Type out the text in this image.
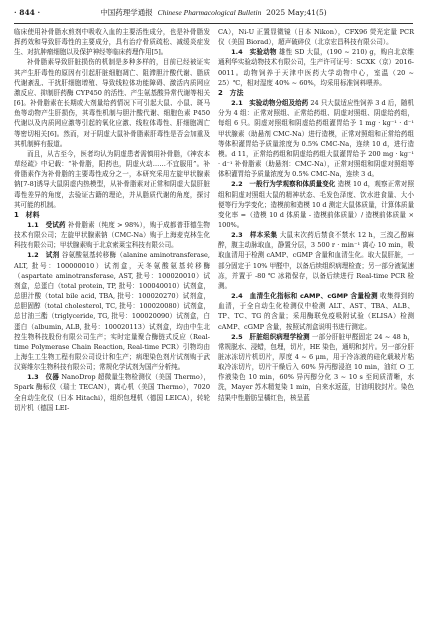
· 844 ·	中国药理学通报 Chinese Pharmacological Bulletin 2025 May;41(5)

临床使用补骨脂水煎剂中吸收入血的主要活性成分，也是补骨脂发挥药效和导致肝毒性的主要成分，具有治疗骨质疏松、减缓炎症发生、对抗肿瘤细胞以及保护神经等临床药理作用[5]。

补骨脂素导致肝脏损伤的机制是多种多样的，目前已经被证实其产生肝毒性的原因有引起肝脏细胞凋亡、阻滞胆汁酸代谢、脂质代谢紊乱、干扰肝细胞增殖、导致线粒体功能障碍、激活内质网应激反应、抑制肝药酶 CYP450 的活性、产生氨基酸异常代谢等相关[6]。补骨脂素在长期或大剂量给药情况下可引起大鼠、小鼠、斑马鱼等动物产生肝损伤，其毒性机制与胆汁酸代谢、细胞色素 P450 代谢以及内质网应激等引起的氧化应激、线粒体毒性、肝细胞凋亡等密切相关[6]。然而，对于阴虚大鼠补骨脂素肝毒性是否会加重及其机制鲜有报道。

而且，从古至今，医者均认为阴虚患者需慎用补骨脂，《神农本草经疏》中记载：“补骨脂，阳药也，阴虚火动……不宜服用”。补骨脂素作为补骨脂的主要毒性成分之一，本研究采用左旋甲状腺素钠[7-8]诱导大鼠阴虚内热模型，从补骨脂素对正常和阴虚大鼠肝脏毒性差异的角度，去验证古籍的理论，并从脂质代谢的角度，探讨其可能的机制。

1　材料

1.1　受试药 补骨脂素（纯度 > 98%），购于成都普菲德生物技术有限公司；左旋甲状腺素钠（CMC-Na）购于上海麦克林生化科技有限公司；甲状腺素购于北京索莱宝科技有限公司。

1.2　试剂 谷氨酸氨基转移酶（alanine aminotransferase, ALT, 批号：100000010）试剂盒，天冬氨酸氨基转移酶（aspartate aminotransferase, AST, 批号：100020010）试剂盒，总蛋白（total protein, TP, 批号：100040010）试剂盒，总胆汁酸（total bile acid, TBA, 批号：100020270）试剂盒，总胆固醇（total cholesterol, TC, 批号：100020080）试剂盒，总甘油三酯（triglyceride, TG, 批号：100020090）试剂盒，白蛋白（albumin, ALB, 批号：100020113）试剂盒，均由中生北控生物科技股份有限公司生产；实时定量聚合酶链式反应（Real-time Polymerase Chain Reaction, Real-time PCR）引物均由上海生工生物工程有限公司设计和生产；病理染色剂片试剂购于武汉赛维尔生物科技有限公司；常规化学试剂为国产分析纯。

1.3　仪器 NanoDrop 超微量生物检测仪（美国 Thermo），Spark 酶标仪（瑞士 TECAN），离心机（美国 Thermo），7020 全自动生化仪（日本 Hitachi），组织包埋机（德国 LEICA），转轮切片机（德国 LEI-

CA），Ni-U 正置显微镜（日本 Nikon），CFX96 荧光定量 PCR 仪（美国 Biorad），超声破碎仪（北京宏昌科技有限公司）。

1.4　实验动物 雄性 SD 大鼠，(190 ~ 210) g，购自北京维通利华实验动物技术有限公司，生产许可证号：SCXK（京）2016-0011。动物饲养于天津中医药大学动物中心，室温（20 ~ 25）℃，相对湿度 40% ~ 60%，均采用标准饲料喂养。

2　方法

2.1　实验动物分组及给药 24 只大鼠适应性饲养 3 d 后，随机分为 4 组：正常对照组、正常给药组、阴虚对照组、阴虚给药组，每组 6 只。阴虚对照组和阴虚给药组灌胃给予 1 mg · kg⁻¹ · d⁻¹ 甲状腺素（助悬剂 CMC-Na）进行造模，正常对照组和正常给药组等体积灌胃给予质量浓度为 0.5% CMC-Na，连续 10 d，进行造模。d 11，正常给药组和阴虚给药组大鼠灌胃给予 200 mg · kg⁻¹ · d⁻¹ 补骨脂素（助悬剂：CMC-Na），正常对照组和阴虚对照组等体积灌胃给予质量浓度为 0.5% CMC-Na，连续 3 d。

2.2　一般行为学观察和体质量变化 造模 10 d，观察正常对照组和阴虚对照组大鼠的精神状态、毛发色泽度、饮水进食量、大小便等行为学变化；造模前和造模 10 d 测定大鼠体质量，计算体质量变化率 =（造模 10 d 体质量 - 造模前体质量）/ 造模前体质量 × 100%。

2.3　样本采集 大鼠末次药后禁食不禁水 12 h，三溴乙醇麻醉，腹主动脉取血，静置分层，3 500 r · min⁻¹ 离心 10 min，吸取血清用于检测 cAMP、cGMP 含量和血清生化。取大鼠肝脏，一部分固定于 10% 甲醛中，以备后续组织病理检查；另一部分液氮速冻，并置于 -80 ℃ 冰箱保存，以备后续进行 Real-time PCR 检测。

2.4　血清生化指标和 cAMP、cGMP 含量检测 收集得到的血清，于全自动生化检测仪中检测 ALT、AST、TBA、ALB、TP、TC、TG 的含量；采用酶联免疫吸附试验（ELISA）检测 cAMP、cGMP 含量，按照试剂盒说明书进行测定。

2.5　肝脏组织病理学检测 一部分肝脏甲醛固定 24 ~ 48 h，常规脱水、浸蜡，包埋，切片，HE 染色，通明和封片。另一部分肝脏冰冻切片机切片，厚度 4 ~ 6 μm，用于冷冻液的硅化载玻片粘取冷冻切片，切片干燥后入 60% 异丙醇浸泡 10 min，油红 O 工作液染色 10 min，60% 异丙醇分化 3 ~ 10 s 至间质清晰，水洗，Mayer 苏木精复染 1 min，自来水返蓝，甘油明胶封片。染色结果中性脂肪呈橘红色，核呈蓝
